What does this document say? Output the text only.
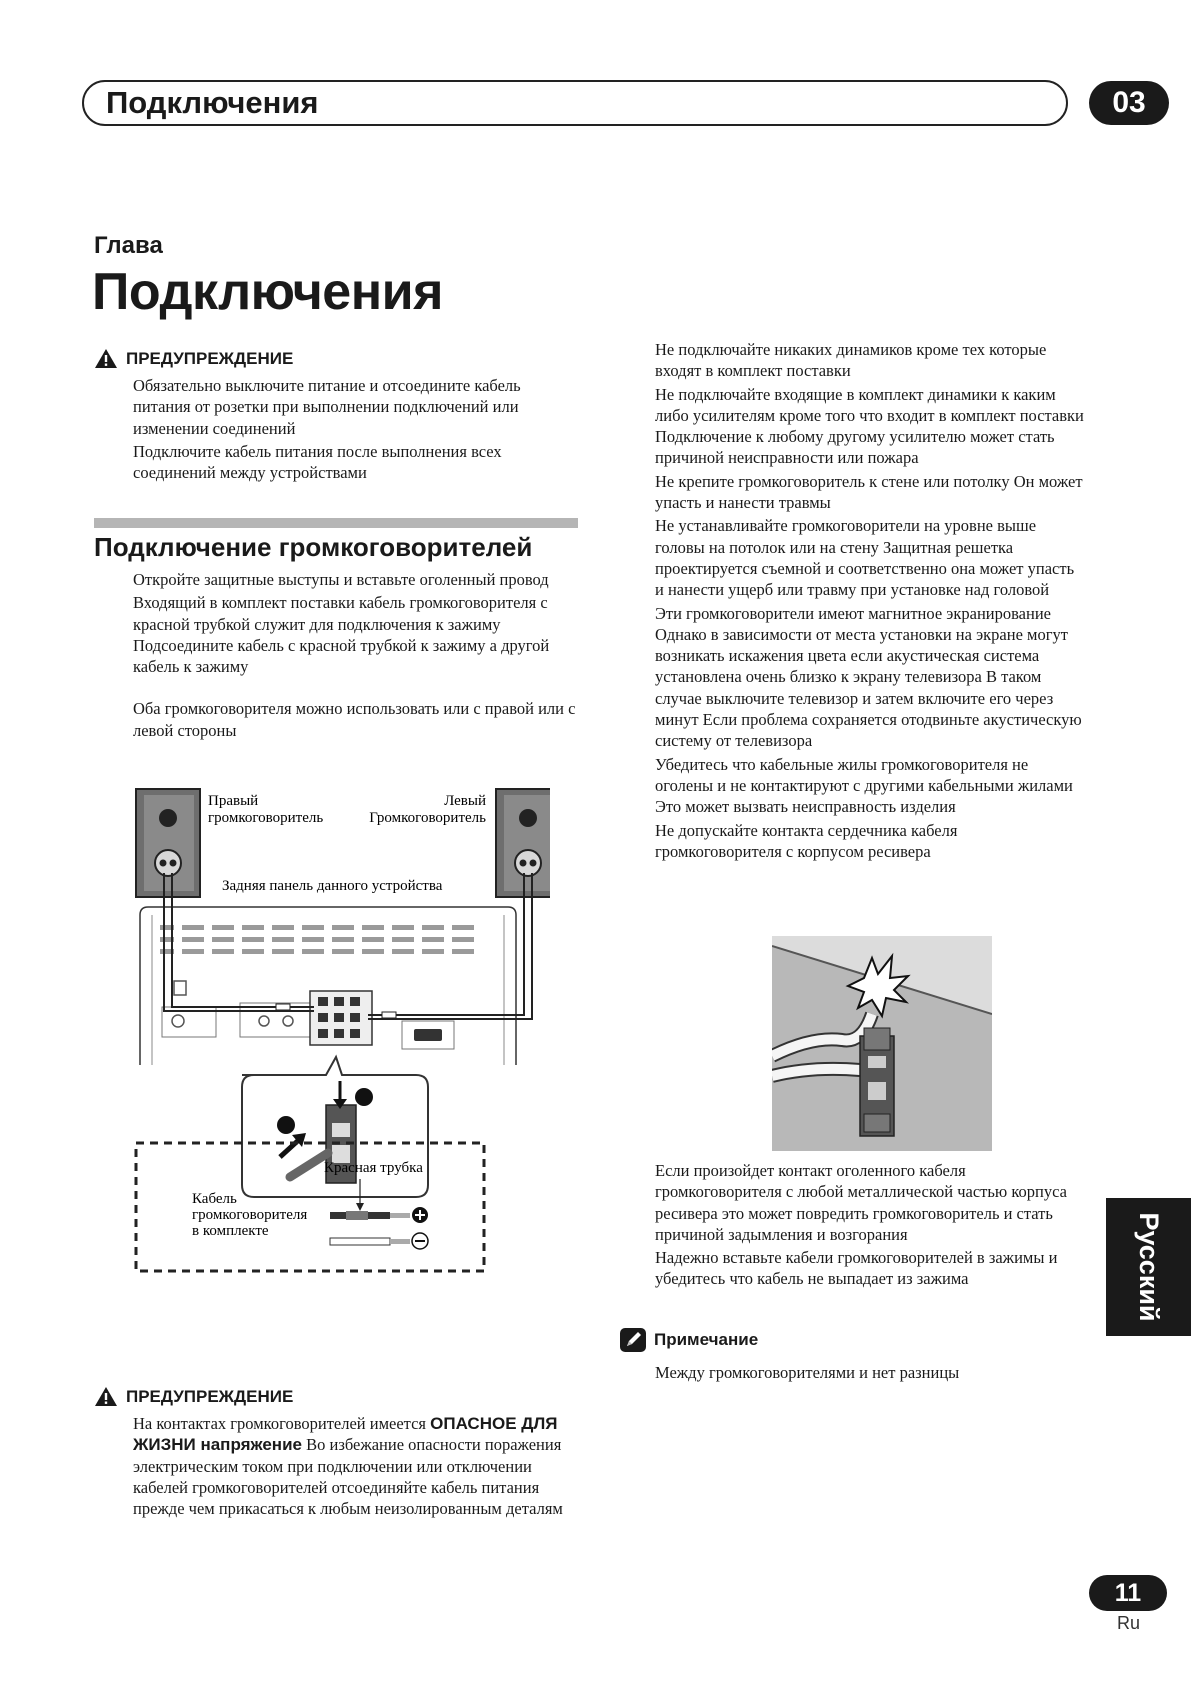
Подключения	03
Глава
Подключения
ПРЕДУПРЕЖДЕНИЕ

Обязательно выключите питание и отсоедините кабель питания от розетки при выполнении подключений или изменении соединений

Подключите кабель питания после выполнения всех соединений между устройствами

Подключение громкоговорителей

Откройте защитные выступы и вставьте оголенный провод

Входящий в комплект поставки кабель громкоговорителя с красной трубкой служит для подключения к зажиму Подсоедините кабель с красной трубкой к зажиму а другой кабель к зажиму

Оба громкоговорителя можно использовать или с правой или с левой стороны

Правый
громкоговоритель
Левый
Громкоговоритель
Задняя панель данного устройства
Красная трубка
Кабель
громкоговорителя
в комплекте
ПРЕДУПРЕЖДЕНИЕ

На контактах громкоговорителей имеется ОПАСНОЕ ДЛЯ ЖИЗНИ напряжение Во избежание опасности поражения электрическим током при подключении или отключении кабелей громкоговорителей отсоединяйте кабель питания прежде чем прикасаться к любым неизолированным деталям

Не подключайте никаких динамиков кроме тех которые входят в комплект поставки

Не подключайте входящие в комплект динамики к каким либо усилителям кроме того что входит в комплект поставки Подключение к любому другому усилителю может стать причиной неисправности или пожара

Не крепите громкоговоритель к стене или потолку Он может упасть и нанести травмы

Не устанавливайте громкоговорители на уровне выше головы на потолок или на стену Защитная решетка проектируется съемной и соответственно она может упасть и нанести ущерб или травму при установке над головой

Эти громкоговорители имеют магнитное экранирование Однако в зависимости от места установки на экране могут возникать искажения цвета если акустическая система установлена очень близко к экрану телевизора В таком случае выключите телевизор и затем включите его через минут Если проблема сохраняется отодвиньте акустическую систему от телевизора

Убедитесь что кабельные жилы громкоговорителя не оголены и не контактируют с другими кабельными жилами Это может вызвать неисправность изделия

Не допускайте контакта сердечника кабеля громкоговорителя с корпусом ресивера

Если произойдет контакт оголенного кабеля громкоговорителя с любой металлической частью корпуса ресивера это может повредить громкоговоритель и стать причиной задымления и возгорания

Надежно вставьте кабели громкоговорителей в зажимы и убедитесь что кабель не выпадает из зажима

Примечание
Между громкоговорителями и нет разницы
Русский
11
Ru
